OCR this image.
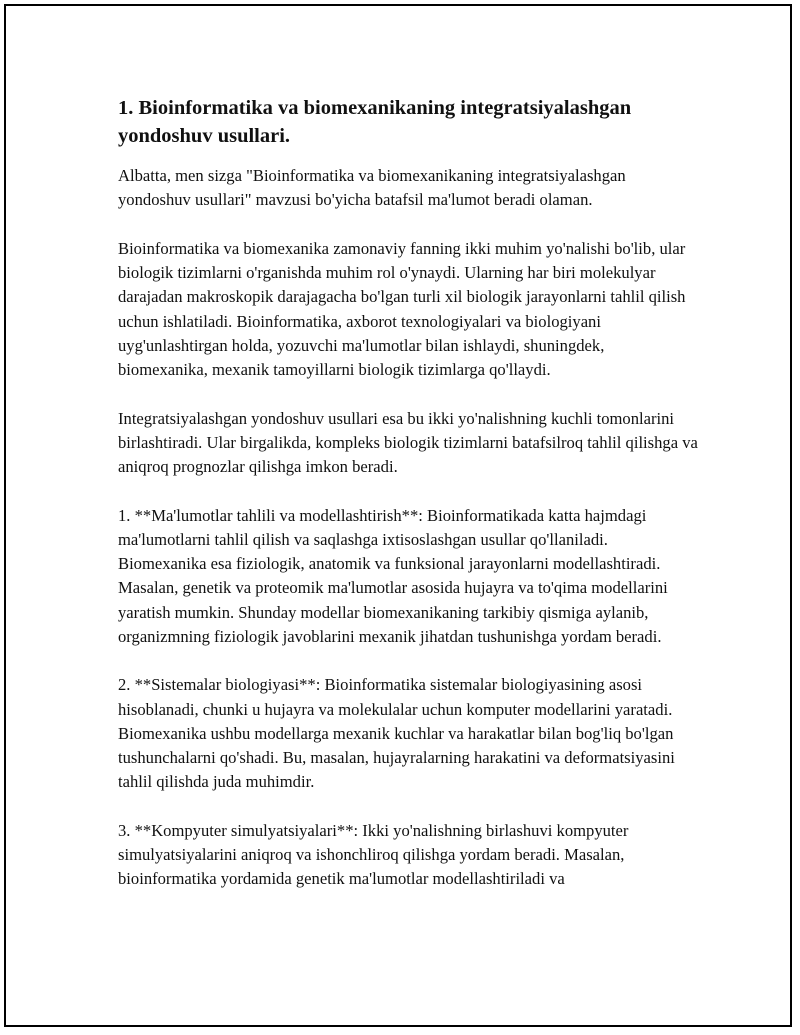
1. Bioinformatika va biomexanikaning integratsiyalashgan yondoshuv usullari.

Albatta, men sizga "Bioinformatika va biomexanikaning integratsiyalashgan yondoshuv usullari" mavzusi bo'yicha batafsil ma'lumot beradi olaman.

Bioinformatika va biomexanika zamonaviy fanning ikki muhim yo'nalishi bo'lib, ular biologik tizimlarni o'rganishda muhim rol o'ynaydi. Ularning har biri molekulyar darajadan makroskopik darajagacha bo'lgan turli xil biologik jarayonlarni tahlil qilish uchun ishlatiladi. Bioinformatika, axborot texnologiyalari va biologiyani uyg'unlashtirgan holda, yozuvchi ma'lumotlar bilan ishlaydi, shuningdek, biomexanika, mexanik tamoyillarni biologik tizimlarga qo'llaydi.

Integratsiyalashgan yondoshuv usullari esa bu ikki yo'nalishning kuchli tomonlarini birlashtiradi. Ular birgalikda, kompleks biologik tizimlarni batafsilroq tahlil qilishga va aniqroq prognozlar qilishga imkon beradi.

1. **Ma'lumotlar tahlili va modellashtirish**: Bioinformatikada katta hajmdagi ma'lumotlarni tahlil qilish va saqlashga ixtisoslashgan usullar qo'llaniladi. Biomexanika esa fiziologik, anatomik va funksional jarayonlarni modellashtiradi. Masalan, genetik va proteomik ma'lumotlar asosida hujayra va to'qima modellarini yaratish mumkin. Shunday modellar biomexanikaning tarkibiy qismiga aylanib, organizmning fiziologik javoblarini mexanik jihatdan tushunishga yordam beradi.

2. **Sistemalar biologiyasi**: Bioinformatika sistemalar biologiyasining asosi hisoblanadi, chunki u hujayra va molekulalar uchun komputer modellarini yaratadi. Biomexanika ushbu modellarga mexanik kuchlar va harakatlar bilan bog'liq bo'lgan tushunchalarni qo'shadi. Bu, masalan, hujayralarning harakatini va deformatsiyasini tahlil qilishda juda muhimdir.

3. **Kompyuter simulyatsiyalari**: Ikki yo'nalishning birlashuvi kompyuter simulyatsiyalarini aniqroq va ishonchliroq qilishga yordam beradi. Masalan, bioinformatika yordamida genetik ma'lumotlar modellashtiriladi va
